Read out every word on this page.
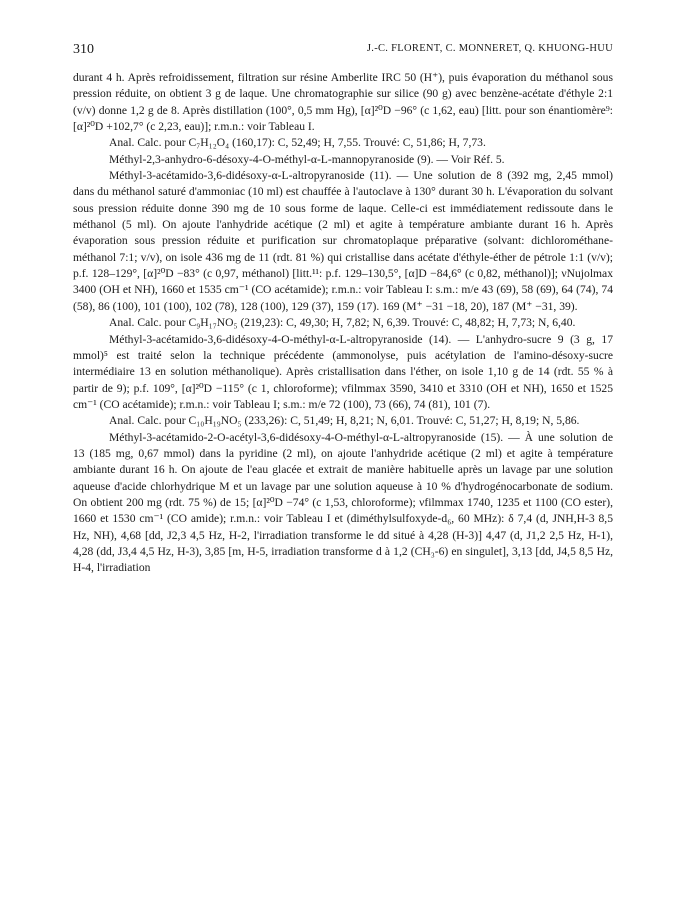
310	J.-C. FLORENT, C. MONNERET, Q. KHUONG-HUU

durant 4 h. Après refroidissement, filtration sur résine Amberlite IRC 50 (H⁺), puis évaporation du méthanol sous pression réduite, on obtient 3 g de laque. Une chromatographie sur silice (90 g) avec benzène-acétate d'éthyle 2:1 (v/v) donne 1,2 g de 8. Après distillation (100°, 0,5 mm Hg), [α]²⁰D −96° (c 1,62, eau) [litt. pour son énantiomère⁹: [α]²⁰D +102,7° (c 2,23, eau)]; r.m.n.: voir Tableau I.

Anal. Calc. pour C₇H₁₂O₄ (160,17): C, 52,49; H, 7,55. Trouvé: C, 51,86; H, 7,73.

Méthyl-2,3-anhydro-6-désoxy-4-O-méthyl-α-L-mannopyranoside (9). — Voir Réf. 5.

Méthyl-3-acétamido-3,6-didésoxy-α-L-altropyranoside (11). — Une solution de 8 (392 mg, 2,45 mmol) dans du méthanol saturé d'ammoniac (10 ml) est chauffée à l'autoclave à 130° durant 30 h. L'évaporation du solvant sous pression réduite donne 390 mg de 10 sous forme de laque. Celle-ci est immédiatement redissoute dans le méthanol (5 ml). On ajoute l'anhydride acétique (2 ml) et agite à température ambiante durant 16 h. Après évaporation sous pression réduite et purification sur chromatoplaque préparative (solvant: dichlorométhane-méthanol 7:1; v/v), on isole 436 mg de 11 (rdt. 81 %) qui cristallise dans acétate d'éthyle-éther de pétrole 1:1 (v/v); p.f. 128–129°, [α]²⁰D −83° (c 0,97, méthanol) [litt.¹¹: p.f. 129–130,5°, [α]D −84,6° (c 0,82, méthanol)]; νNujolmax 3400 (OH et NH), 1660 et 1535 cm⁻¹ (CO acétamide); r.m.n.: voir Tableau I: s.m.: m/e 43 (69), 58 (69), 64 (74), 74 (58), 86 (100), 101 (100), 102 (78), 128 (100), 129 (37), 159 (17). 169 (M⁺ −31 −18, 20), 187 (M⁺ −31, 39).

Anal. Calc. pour C₉H₁₇NO₅ (219,23): C, 49,30; H, 7,82; N, 6,39. Trouvé: C, 48,82; H, 7,73; N, 6,40.

Méthyl-3-acétamido-3,6-didésoxy-4-O-méthyl-α-L-altropyranoside (14). — L'anhydro-sucre 9 (3 g, 17 mmol)⁵ est traité selon la technique précédente (ammonolyse, puis acétylation de l'amino-désoxy-sucre intermédiaire 13 en solution méthanolique). Après cristallisation dans l'éther, on isole 1,10 g de 14 (rdt. 55 % à partir de 9); p.f. 109°, [α]²⁰D −115° (c 1, chloroforme); νfilmmax 3590, 3410 et 3310 (OH et NH), 1650 et 1525 cm⁻¹ (CO acétamide); r.m.n.: voir Tableau I; s.m.: m/e 72 (100), 73 (66), 74 (81), 101 (7).

Anal. Calc. pour C₁₀H₁₉NO₅ (233,26): C, 51,49; H, 8,21; N, 6,01. Trouvé: C, 51,27; H, 8,19; N, 5,86.

Méthyl-3-acétamido-2-O-acétyl-3,6-didésoxy-4-O-méthyl-α-L-altropyranoside (15). — À une solution de 13 (185 mg, 0,67 mmol) dans la pyridine (2 ml), on ajoute l'anhydride acétique (2 ml) et agite à température ambiante durant 16 h. On ajoute de l'eau glacée et extrait de manière habituelle après un lavage par une solution aqueuse d'acide chlorhydrique M et un lavage par une solution aqueuse à 10 % d'hydrogénocarbonate de sodium. On obtient 200 mg (rdt. 75 %) de 15; [α]²⁰D −74° (c 1,53, chloroforme); νfilmmax 1740, 1235 et 1100 (CO ester), 1660 et 1530 cm⁻¹ (CO amide); r.m.n.: voir Tableau I et (diméthylsulfoxyde-d₆, 60 MHz): δ 7,4 (d, JNH,H-3 8,5 Hz, NH), 4,68 [dd, J2,3 4,5 Hz, H-2, l'irradiation transforme le dd situé à 4,28 (H-3)] 4,47 (d, J1,2 2,5 Hz, H-1), 4,28 (dd, J3,4 4,5 Hz, H-3), 3,85 [m, H-5, irradiation transforme d à 1,2 (CH₃-6) en singulet], 3,13 [dd, J4,5 8,5 Hz, H-4, l'irradiation
